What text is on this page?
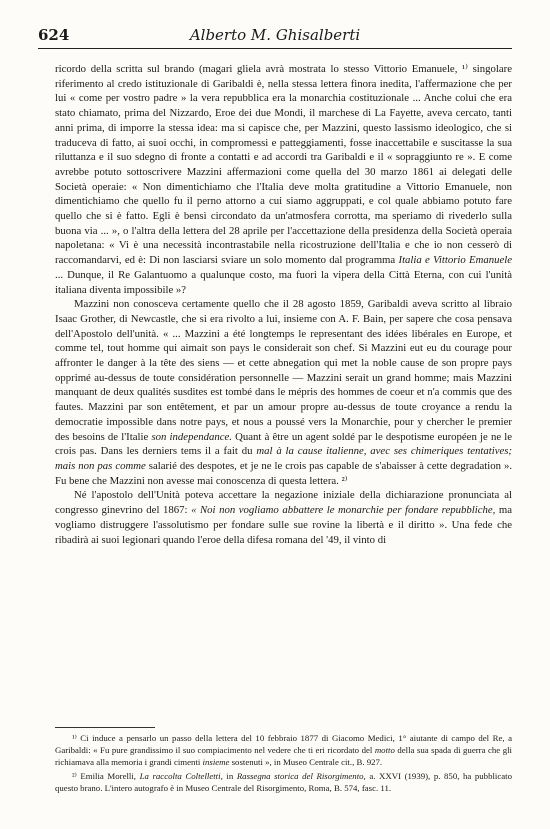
624	Alberto M. Ghisalberti

ricordo della scritta sul brando (magari gliela avrà mostrata lo stesso Vittorio Emanuele, ¹⁾ singolare riferimento al credo istituzionale di Garibaldi è, nella stessa lettera finora inedita, l'affermazione che per lui « come per vostro padre » la vera repubblica era la monarchia costituzionale ... Anche colui che era stato chiamato, prima del Nizzardo, Eroe dei due Mondi, il marchese di La Fayette, aveva cercato, tanti anni prima, di imporre la stessa idea: ma si capisce che, per Mazzini, questo lassismo ideologico, che si traduceva di fatto, ai suoi occhi, in compromessi e patteggiamenti, fosse inaccettabile e suscitasse la sua riluttanza e il suo sdegno di fronte a contatti e ad accordi tra Garibaldi e il « sopraggiunto re ». E come avrebbe potuto sottoscrivere Mazzini affermazioni come quella del 30 marzo 1861 ai delegati delle Società operaie: « Non dimentichiamo che l'Italia deve molta gratitudine a Vittorio Emanuele, non dimentichiamo che quello fu il perno attorno a cui siamo aggruppati, e col quale abbiamo potuto fare quello che si è fatto. Egli è bensì circondato da un'atmosfera corrotta, ma speriamo di rivederlo sulla buona via ... », o l'altra della lettera del 28 aprile per l'accettazione della presidenza della Società operaia napoletana: « Vi è una necessità incontrastabile nella ricostruzione dell'Italia e che io non cesserò di raccomandarvi, ed è: Di non lasciarsi sviare un solo momento dal programma Italia e Vittorio Emanuele ... Dunque, il Re Galantuomo a qualunque costo, ma fuori la vipera della Città Eterna, con cui l'unità italiana diventa impossibile »?

Mazzini non conosceva certamente quello che il 28 agosto 1859, Garibaldi aveva scritto al libraio Isaac Grother, di Newcastle, che si era rivolto a lui, insieme con A. F. Bain, per sapere che cosa pensava dell'Apostolo dell'unità. « ... Mazzini a été longtemps le representant des idées libérales en Europe, et comme tel, tout homme qui aimait son pays le considerait son chef. Si Mazzini eut eu du courage pour affronter le danger à la tête des siens — et cette abnegation qui met la noble cause de son propre pays opprimé au-dessus de toute considération personnelle — Mazzini serait un grand homme; mais Mazzini manquant de deux qualités susdites est tombé dans le mépris des hommes de coeur et n'a commis que des fautes. Mazzini par son entêtement, et par un amour propre au-dessus de toute croyance a rendu la democratie impossible dans notre pays, et nous a poussé vers la Monarchie, pour y chercher le premier des besoins de l'Italie son independance. Quant à être un agent soldé par le despotisme européen je ne le crois pas. Dans les derniers tems il a fait du mal à la cause italienne, avec ses chimeriques tentatives; mais non pas comme salarié des despotes, et je ne le crois pas capable de s'abaisser à cette degradation ». Fu bene che Mazzini non avesse mai conoscenza di questa lettera. ²⁾

Né l'apostolo dell'Unità poteva accettare la negazione iniziale della dichiarazione pronunciata al congresso ginevrino del 1867: « Noi non vogliamo abbattere le monarchie per fondare repubbliche, ma vogliamo distruggere l'assolutismo per fondare sulle sue rovine la libertà e il diritto ». Una fede che ribadirà ai suoi legionari quando l'eroe della difesa romana del '49, il vinto di

¹⁾ Ci induce a pensarlo un passo della lettera del 10 febbraio 1877 di Giacomo Medici, 1° aiutante di campo del Re, a Garibaldi: « Fu pure grandissimo il suo compiacimento nel vedere che ti eri ricordato del motto della sua spada di guerra che gli richiamava alla memoria i grandi cimenti insieme sostenuti », in Museo Centrale cit., B. 927.

²⁾ Emilia Morelli, La raccolta Coltelletti, in Rassegna storica del Risorgimento, a. XXVI (1939), p. 850, ha pubblicato questo brano. L'intero autografo è in Museo Centrale del Risorgimento, Roma, B. 574, fasc. 11.
